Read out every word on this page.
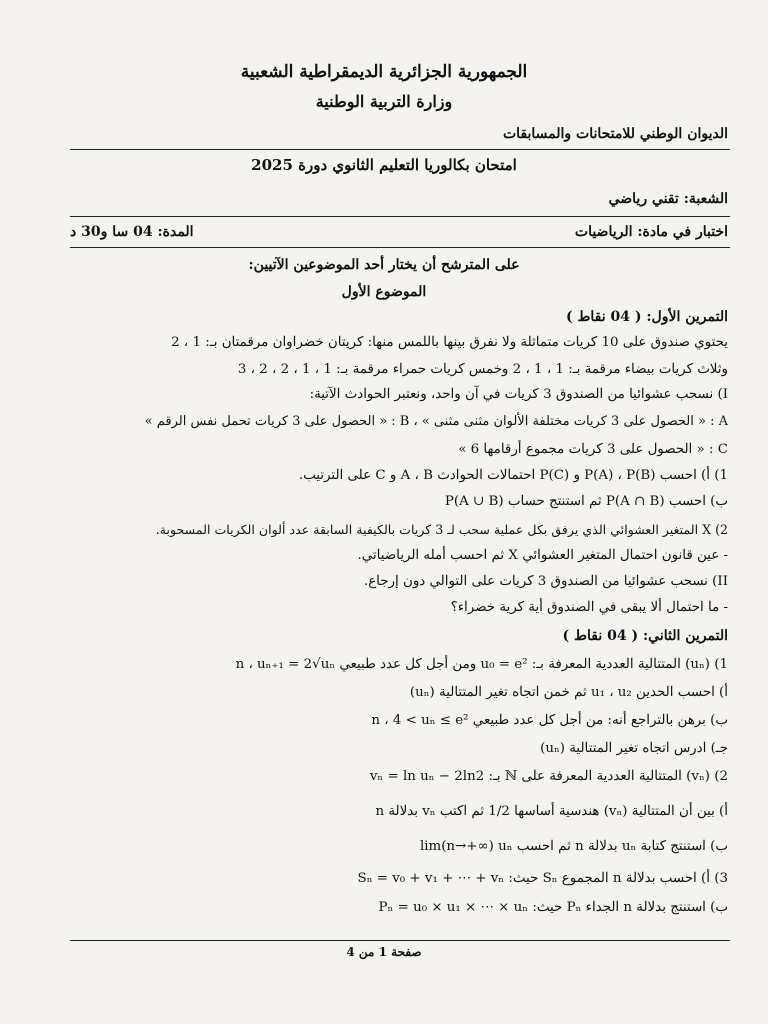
الجمهورية الجزائرية الديمقراطية الشعبية
وزارة التربية الوطنية
الديوان الوطني للامتحانات والمسابقات
امتحان بكالوريا التعليم الثانوي دورة 2025
الشعبة: تقني رياضي
اختبار في مادة: الرياضيات
المدة: 04 سا و30 د
على المترشح أن يختار أحد الموضوعين الآتيين:
الموضوع الأول
التمرين الأول: ( 04 نقاط )
يحتوي صندوق على 10 كريات متماثلة ولا نفرق بينها باللمس منها: كريتان خضراوان مرقمتان بـ: 1 ، 2
وثلاث كريات بيضاء مرقمة بـ: 1 ، 1 ، 2 وخمس كريات حمراء مرقمة بـ: 1 ، 1 ، 2 ، 2 ، 3
I) نسحب عشوائيا من الصندوق 3 كريات في آن واحد، ونعتبر الحوادث الآتية:
A : « الحصول على 3 كريات مختلفة الألوان مثنى مثنى » ، B : « الحصول على 3 كريات تحمل نفس الرقم »
C : « الحصول على 3 كريات مجموع أرقامها 6 »
1) أ) احسب P(A) ، P(B) و P(C) احتمالات الحوادث A ، B و C على الترتيب.
ب) احسب P(A ∩ B) ثم استنتج حساب P(A ∪ B)
2) X المتغير العشوائي الذي يرفق بكل عملية سحب لـ 3 كريات بالكيفية السابقة عدد ألوان الكريات المسحوبة.
- عين قانون احتمال المتغير العشوائي X ثم احسب أمله الرياضياتي.
II) نسحب عشوائيا من الصندوق 3 كريات على التوالي دون إرجاع.
- ما احتمال ألا يبقى في الصندوق أية كرية خضراء؟
التمرين الثاني: ( 04 نقاط )
1) (uₙ) المتتالية العددية المعرفة بـ: u₀ = e² ومن أجل كل عدد طبيعي n ، uₙ₊₁ = 2√uₙ
أ) احسب الحدين u₁ ، u₂ ثم خمن اتجاه تغير المتتالية (uₙ)
ب) برهن بالتراجع أنه: من أجل كل عدد طبيعي n ، 4 < uₙ ≤ e²
جـ) ادرس اتجاه تغير المتتالية (uₙ)
2) (vₙ) المتتالية العددية المعرفة على ℕ بـ: vₙ = ln uₙ − 2ln2
أ) بين أن المتتالية (vₙ) هندسية أساسها 1/2 ثم اكتب vₙ بدلالة n
ب) استنتج كتابة uₙ بدلالة n ثم احسب lim(n→+∞) uₙ
3) أ) احسب بدلالة n المجموع Sₙ حيث: Sₙ = v₀ + v₁ + ⋯ + vₙ
ب) استنتج بدلالة n الجداء Pₙ حيث: Pₙ = u₀ × u₁ × ⋯ × uₙ
صفحة 1 من 4
